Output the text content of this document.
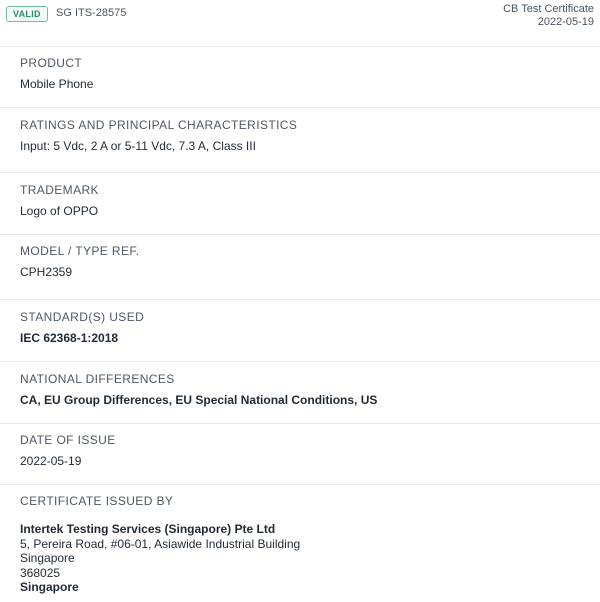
VALID	SG ITS-28575	CB Test Certificate
2022-05-19
PRODUCT
Mobile Phone
RATINGS AND PRINCIPAL CHARACTERISTICS
Input: 5 Vdc, 2 A or 5-11 Vdc, 7.3 A, Class III
TRADEMARK
Logo of OPPO
MODEL / TYPE REF.
CPH2359
STANDARD(S) USED
IEC 62368-1:2018
NATIONAL DIFFERENCES
CA, EU Group Differences, EU Special National Conditions, US
DATE OF ISSUE
2022-05-19
CERTIFICATE ISSUED BY
Intertek Testing Services (Singapore) Pte Ltd
5, Pereira Road, #06-01, Asiawide Industrial Building
Singapore
368025
Singapore
